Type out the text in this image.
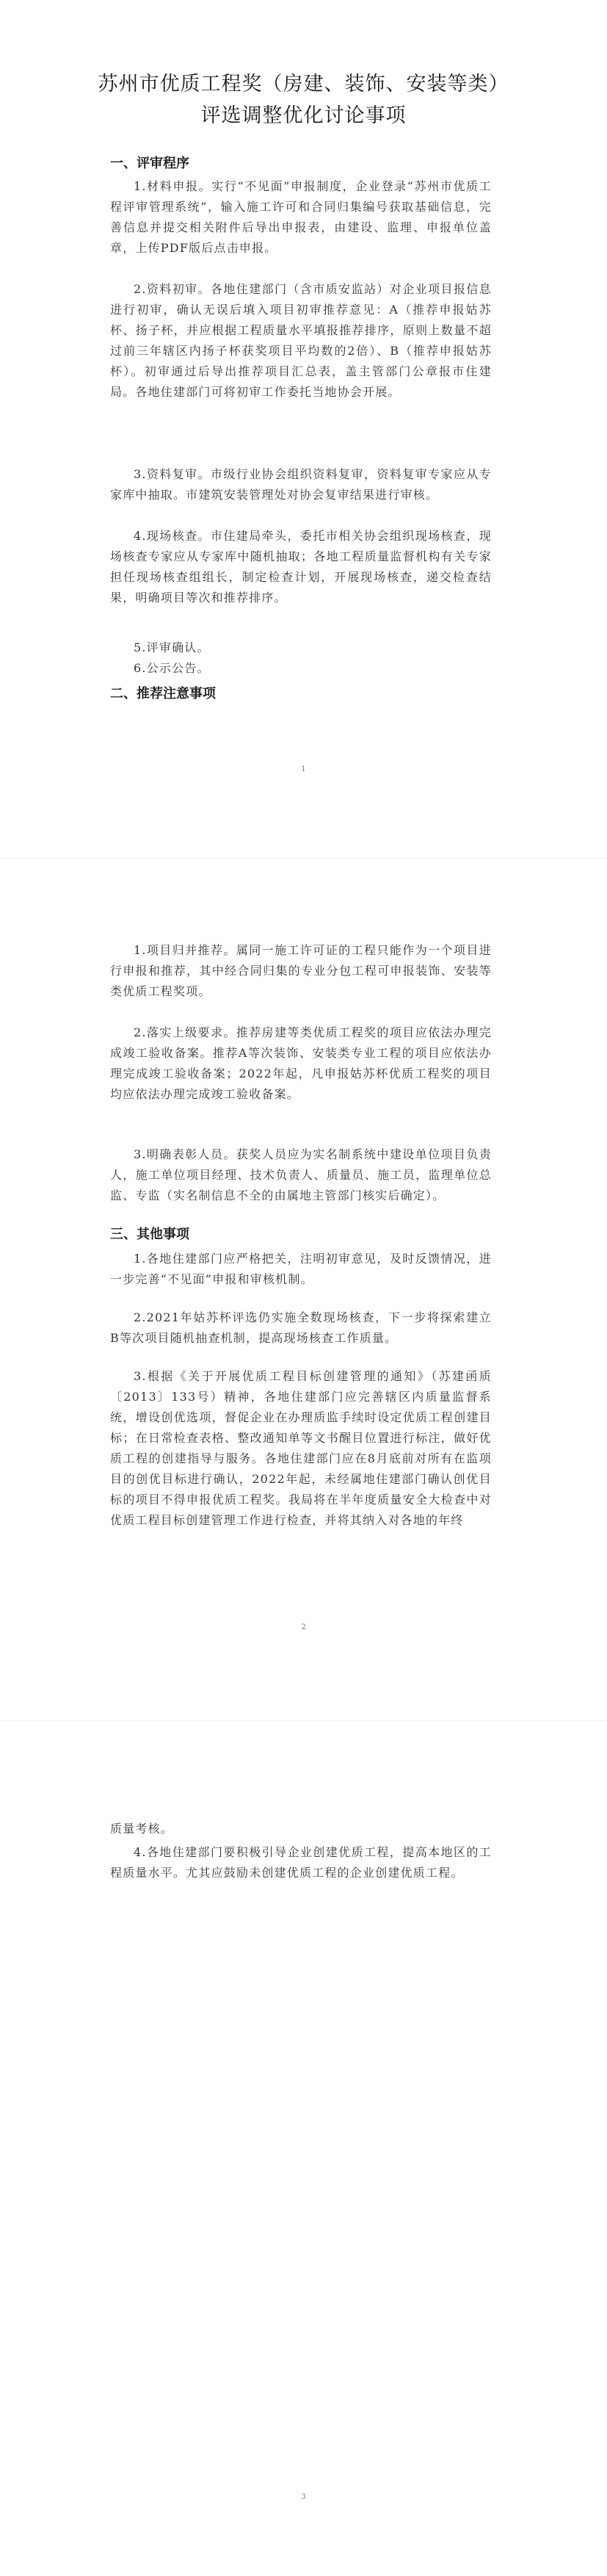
苏州市优质工程奖（房建、装饰、安装等类）
评选调整优化讨论事项
一、评审程序
1.材料申报。实行“不见面”申报制度，企业登录“苏州市优质工程评审管理系统”，输入施工许可和合同归集编号获取基础信息，完善信息并提交相关附件后导出申报表，由建设、监理、申报单位盖章，上传PDF版后点击申报。
2.资料初审。各地住建部门（含市质安监站）对企业项目报信息进行初审，确认无误后填入项目初审推荐意见：A（推荐申报姑苏杯、扬子杯，并应根据工程质量水平填报推荐排序，原则上数量不超过前三年辖区内扬子杯获奖项目平均数的2倍）、B（推荐申报姑苏杯）。初审通过后导出推荐项目汇总表，盖主管部门公章报市住建局。各地住建部门可将初审工作委托当地协会开展。
3.资料复审。市级行业协会组织资料复审，资料复审专家应从专家库中抽取。市建筑安装管理处对协会复审结果进行审核。
4.现场核查。市住建局牵头，委托市相关协会组织现场核查，现场核查专家应从专家库中随机抽取；各地工程质量监督机构有关专家担任现场核查组组长，制定检查计划，开展现场核查，递交检查结果，明确项目等次和推荐排序。
5.评审确认。
6.公示公告。
二、推荐注意事项
1
1.项目归并推荐。属同一施工许可证的工程只能作为一个项目进行申报和推荐，其中经合同归集的专业分包工程可申报装饰、安装等类优质工程奖项。
2.落实上级要求。推荐房建等类优质工程奖的项目应依法办理完成竣工验收备案。推荐A等次装饰、安装类专业工程的项目应依法办理完成竣工验收备案；2022年起，凡申报姑苏杯优质工程奖的项目均应依法办理完成竣工验收备案。
3.明确表彰人员。获奖人员应为实名制系统中建设单位项目负责人，施工单位项目经理、技术负责人、质量员、施工员，监理单位总监、专监（实名制信息不全的由属地主管部门核实后确定）。
三、其他事项
1.各地住建部门应严格把关，注明初审意见，及时反馈情况，进一步完善“不见面”申报和审核机制。
2.2021年姑苏杯评选仍实施全数现场核查，下一步将探索建立B等次项目随机抽查机制，提高现场核查工作质量。
3.根据《关于开展优质工程目标创建管理的通知》（苏建函质〔2013〕133号）精神，各地住建部门应完善辖区内质量监督系统，增设创优选项，督促企业在办理质监手续时设定优质工程创建目标；在日常检查表格、整改通知单等文书醒目位置进行标注，做好优质工程的创建指导与服务。各地住建部门应在8月底前对所有在监项目的创优目标进行确认，2022年起，未经属地住建部门确认创优目标的项目不得申报优质工程奖。我局将在半年度质量安全大检查中对优质工程目标创建管理工作进行检查，并将其纳入对各地的年终
2
质量考核。
4.各地住建部门要积极引导企业创建优质工程，提高本地区的工程质量水平。尤其应鼓励未创建优质工程的企业创建优质工程。
3
